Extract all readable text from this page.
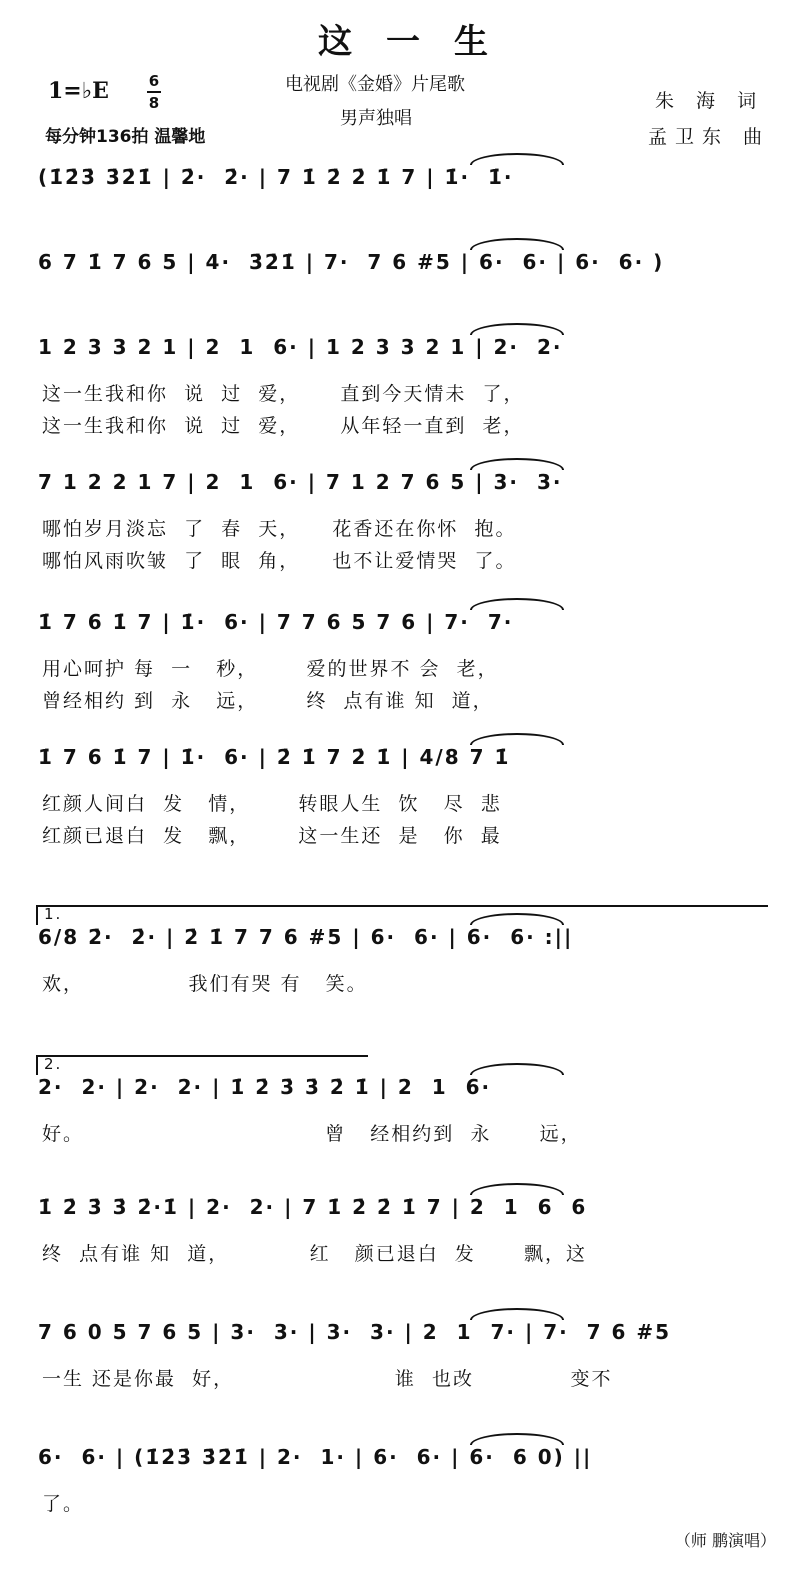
这一生
1=♭E	6
8
每分钟136拍 温馨地
电视剧《金婚》片尾歌
男声独唱
朱 海 词
孟卫东 曲
(1̇2̇3̇ 3̇2̇1̇ | 2̇·  2̇· | 7 1̇ 2̇ 2̇ 1̇ 7 | 1̇·  1̇·
6 7 1̇ 7 6 5 | 4·  3̇2̇1̇ | 7·  7 6 #5 | 6·  6· | 6·  6· )
1 2 3 3 2 1 | 2  1  6· | 1 2 3 3 2 1 | 2·  2·
这一生我和你  说  过  爱，     直到今天情未  了，
这一生我和你  说  过  爱，     从年轻一直到  老，
7 1 2 2 1 7 | 2  1  6· | 7 1 2 7 6 5 | 3·  3·
哪怕岁月淡忘  了  春  天，    花香还在你怀  抱。
哪怕风雨吹皱  了  眼  角，    也不让爱情哭  了。
1̇ 7 6 1̇ 7 | 1̇·  6· | 7 7 6 5 7 6 | 7·  7·
用心呵护 每  一   秒，      爱的世界不 会  老，
曾经相约 到  永   远，      终  点有谁 知  道，
1̇ 7 6 1̇ 7 | 1̇·  6· | 2̇ 1̇ 7 2̇ 1̇ | 4/8 7 1̇
红颜人间白  发   情，      转眼人生  饮   尽  悲
红颜已退白  发   飘，      这一生还  是   你  最
1.
6/8 2̇·  2̇· | 2̇ 1̇ 7 7 6 #5 | 6·  6· | 6·  6· :||
欢，             我们有哭 有   笑。
2.
2·  2· | 2·  2· | 1̇ 2̇ 3̇ 3̇ 2̇ 1̇ | 2  1  6·
好。                              曾   经相约到  永      远，
1̇ 2̇ 3̇ 3̇ 2̇·1̇ | 2·  2· | 7 1̇ 2̇ 2̇ 1̇ 7 | 2  1  6  6
终  点有谁 知  道，          红   颜已退白  发      飘，这
7 6 0 5 7 6 5 | 3·  3· | 3·  3· | 2  1  7· | 7·  7 6 #5
一生 还是你最  好，                    谁  也改            变不
6·  6· | (1̇2̇3̇ 3̇2̇1̇ | 2·  1· | 6·  6· | 6·  6 0) ||
了。
（师 鹏演唱）
